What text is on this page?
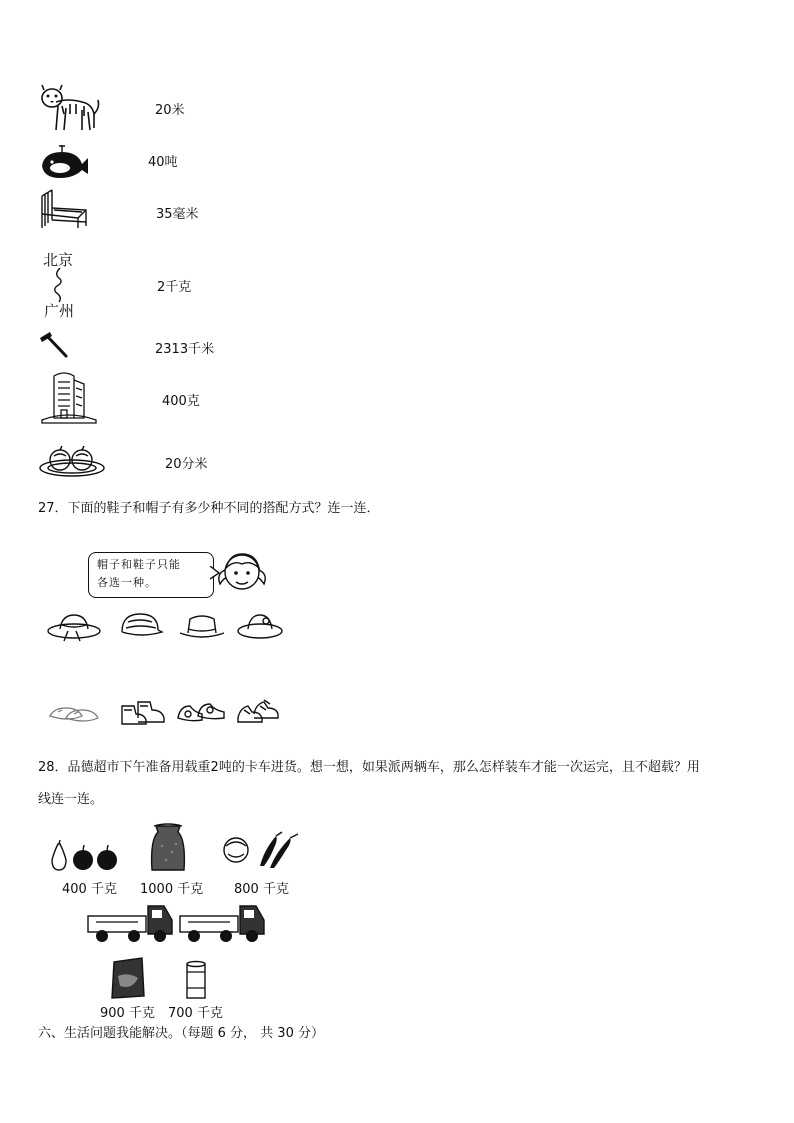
20米
40吨
35毫米
北京
广州
2千克
2313千米
400克
20分米
27．下面的鞋子和帽子有多少种不同的搭配方式？连一连．
帽子和鞋子只能
各选一种。
28．品德超市下午准备用载重2吨的卡车进货。想一想，如果派两辆车，那么怎样装车才能一次运完，且不超载？用
线连一连。
400 千克 1000 千克 800 千克
900 千克 700 千克
六、生活问题我能解决。（每题 6 分， 共 30 分）
